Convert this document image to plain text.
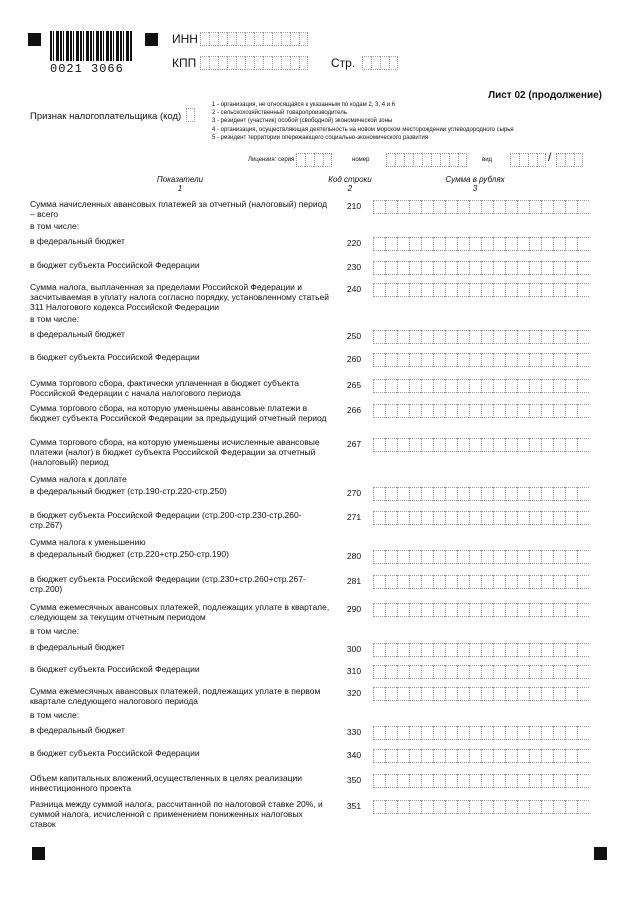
0021 3066
ИНН
КПП	Стр.
Лист 02 (продолжение)
Признак налогоплательщика (код)
1 - организация, не относящаяся к указанным по кодам 2, 3, 4 и 6
2 - сельскохозяйственный товаропроизводитель
3 - резидент (участник) особой (свободной) экономической зоны
4 - организация, осуществляющая деятельность на новом морском месторождении углеводородного сырья
5 - резидент территории опережающего социально-экономического развития
Лицензия: серия	номер	вид	/
Показатели
1
Код строки
2
Сумма в рублях
3
Сумма начисленных авансовых платежей за отчетный (налоговый) период – всего
210
в том числе:
в федеральный бюджет	220
в бюджет субъекта Российской Федерации	230
Сумма налога, выплаченная за пределами Российской Федерации и засчитываемая в уплату налога согласно порядку, установленному статьей 311 Налогового кодекса Российской Федерации
240
в том числе:
в федеральный бюджет	250
в бюджет субъекта Российской Федерации	260
Сумма торгового сбора, фактически уплаченная в бюджет субъекта Российской Федерации с начала налогового периода
265
Сумма торгового сбора, на которую уменьшены авансовые платежи в бюджет субъекта Российской Федерации за предыдущий отчетный период
266
Сумма торгового сбора, на которую уменьшены исчисленные авансовые платежи (налог) в бюджет субъекта Российской Федерации за отчетный (налоговый) период
267
Сумма налога к доплате
в федеральный бюджет (стр.190-стр.220-стр.250)	270
в бюджет субъекта Российской Федерации (стр.200-стр.230-стр.260-стр.267)
271
Сумма налога к уменьшению
в федеральный бюджет (стр.220+стр.250-стр.190)	280
в бюджет субъекта Российской Федерации (стр.230+стр.260+стр.267-стр.200)
281
Сумма ежемесячных авансовых платежей, подлежащих уплате в квартале, следующем за текущим отчетным периодом
290
в том числе:
в федеральный бюджет	300
в бюджет субъекта Российской Федерации	310
Сумма ежемесячных авансовых платежей, подлежащих уплате в первом квартале следующего налогового периода
320
в том числе:
в федеральный бюджет	330
в бюджет субъекта Российской Федерации	340
Объем капитальных вложений,осуществленных в целях реализации инвестиционного проекта
350
Разница между суммой налога, рассчитанной по налоговой ставке 20%, и суммой налога, исчисленной с применением пониженных налоговых ставок
351
